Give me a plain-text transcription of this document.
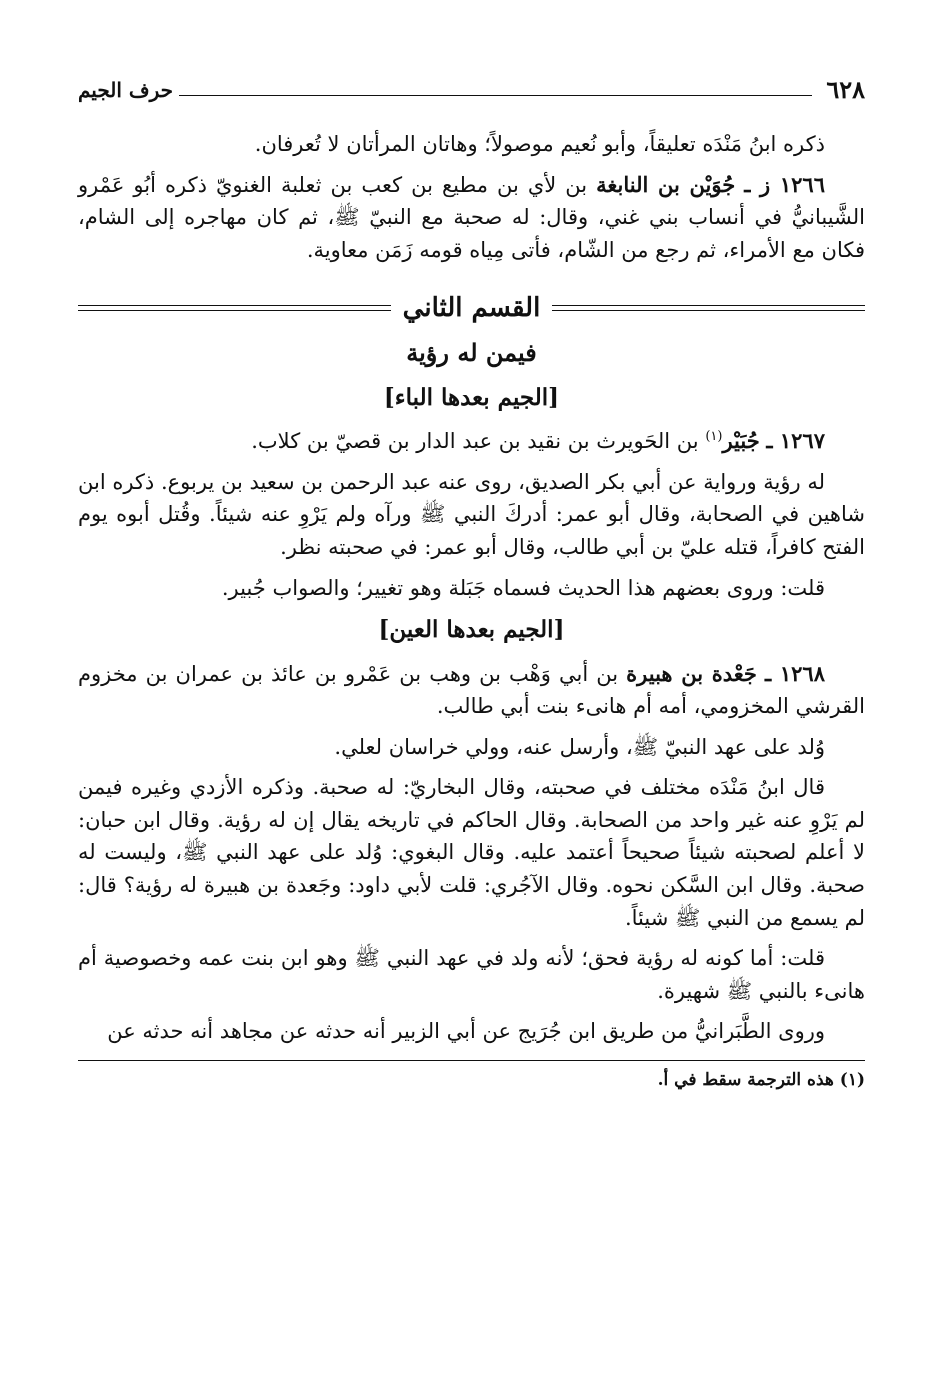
٦٢٨
حرف الجيم

ذكره ابنُ مَنْدَه تعليقاً، وأبو نُعيم موصولاً؛ وهاتان المرأتان لا تُعرفان.

١٢٦٦ ز ـ جُوَيْن بن النابغة بن لأي بن مطيع بن كعب بن ثعلبة الغنويّ ذكره أبُو عَمْرو الشَّيبانيُّ في أنساب بني غني، وقال: له صحبة مع النبيّ ﷺ، ثم كان مهاجره إلى الشام، فكان مع الأمراء، ثم رجع من الشّام، فأتى مِياه قومه زَمَن معاوية.

القسم الثاني
فيمن له رؤية
[الجيم بعدها الباء]

١٢٦٧ ـ جُبَيْر$^{(١)}$ بن الحَويرث بن نقيد بن عبد الدار بن قصيّ بن كلاب.

له رؤية ورواية عن أبي بكر الصديق، روى عنه عبد الرحمن بن سعيد بن يربوع. ذكره ابن شاهين في الصحابة، وقال أبو عمر: أدركَ النبي ﷺ ورآه ولم يَرْوِ عنه شيئاً. وقُتل أبوه يوم الفتح كافراً، قتله عليّ بن أبي طالب، وقال أبو عمر: في صحبته نظر.

قلت: وروى بعضهم هذا الحديث فسماه جَبَلة وهو تغيير؛ والصواب جُبير.

[الجيم بعدها العين]

١٢٦٨ ـ جَعْدة بن هبيرة بن أبي وَهْب بن وهب بن عَمْرو بن عائذ بن عمران بن مخزوم القرشي المخزومي، أمه أم هانىء بنت أبي طالب.

وُلد على عهد النبيّ ﷺ، وأرسل عنه، وولي خراسان لعلي.

قال ابنُ مَنْدَه مختلف في صحبته، وقال البخاريّ: له صحبة. وذكره الأزدي وغيره فيمن لم يَرْوِ عنه غير واحد من الصحابة. وقال الحاكم في تاريخه يقال إن له رؤية. وقال ابن حبان: لا أعلم لصحبته شيئاً صحيحاً أعتمد عليه. وقال البغوي: وُلد على عهد النبي ﷺ، وليست له صحبة. وقال ابن السَّكن نحوه. وقال الآجُري: قلت لأبي داود: وجَعدة بن هبيرة له رؤية؟ قال: لم يسمع من النبي ﷺ شيئاً.

قلت: أما كونه له رؤية فحق؛ لأنه ولد في عهد النبي ﷺ وهو ابن بنت عمه وخصوصية أم هانىء بالنبي ﷺ شهيرة.

وروى الطَّبَرانيُّ من طريق ابن جُرَيج عن أبي الزبير أنه حدثه عن مجاهد أنه حدثه عن

(١) هذه الترجمة سقط في أ.
